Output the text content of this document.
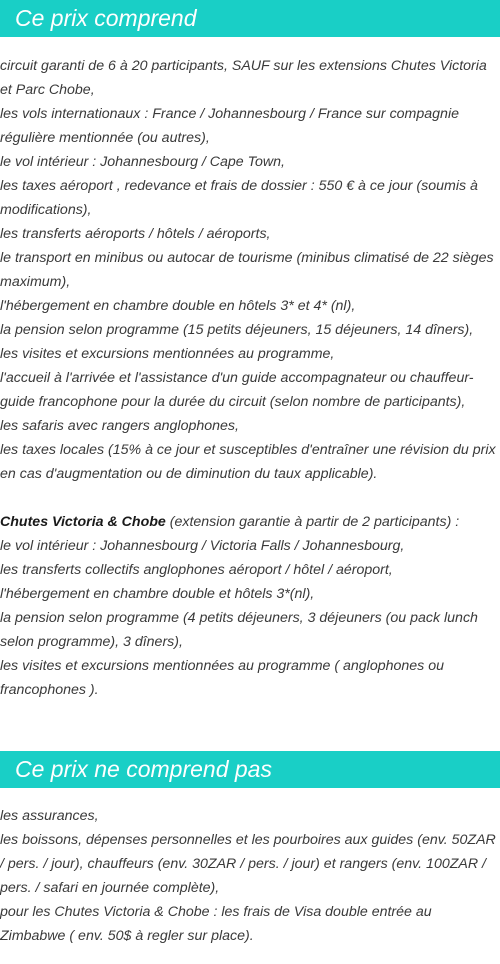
Ce prix comprend
circuit garanti de 6 à 20 participants, SAUF sur les extensions Chutes Victoria et Parc Chobe,
les vols internationaux : France / Johannesbourg / France sur compagnie régulière mentionnée (ou autres),
le vol intérieur : Johannesbourg / Cape Town,
les taxes aéroport , redevance et frais de dossier : 550 € à ce jour (soumis à modifications),
les transferts aéroports / hôtels / aéroports,
le transport en minibus ou autocar de tourisme (minibus climatisé de 22 sièges maximum),
l'hébergement en chambre double en hôtels 3* et 4* (nl),
la pension selon programme (15 petits déjeuners, 15 déjeuners, 14 dîners),
les visites et excursions mentionnées au programme,
l'accueil à l'arrivée et l'assistance d'un guide accompagnateur ou chauffeur-guide francophone pour la durée du circuit (selon nombre de participants),
les safaris avec rangers anglophones,
les taxes locales (15% à ce jour et susceptibles d'entraîner une révision du prix en cas d'augmentation ou de diminution du taux applicable).
Chutes Victoria & Chobe (extension garantie à partir de 2 participants) :
le vol intérieur : Johannesbourg / Victoria Falls / Johannesbourg,
les transferts collectifs anglophones aéroport / hôtel / aéroport,
l'hébergement en chambre double et hôtels 3*(nl),
la pension selon programme (4 petits déjeuners, 3 déjeuners (ou pack lunch selon programme), 3 dîners),
les visites et excursions mentionnées au programme ( anglophones ou francophones ).
Ce prix ne comprend pas
les assurances,
les boissons, dépenses personnelles et les pourboires aux guides (env. 50ZAR / pers. / jour), chauffeurs (env. 30ZAR / pers. / jour) et rangers (env. 100ZAR / pers. / safari en journée complète),
pour les Chutes Victoria & Chobe : les frais de Visa double entrée au Zimbabwe ( env. 50$ à regler sur place).
